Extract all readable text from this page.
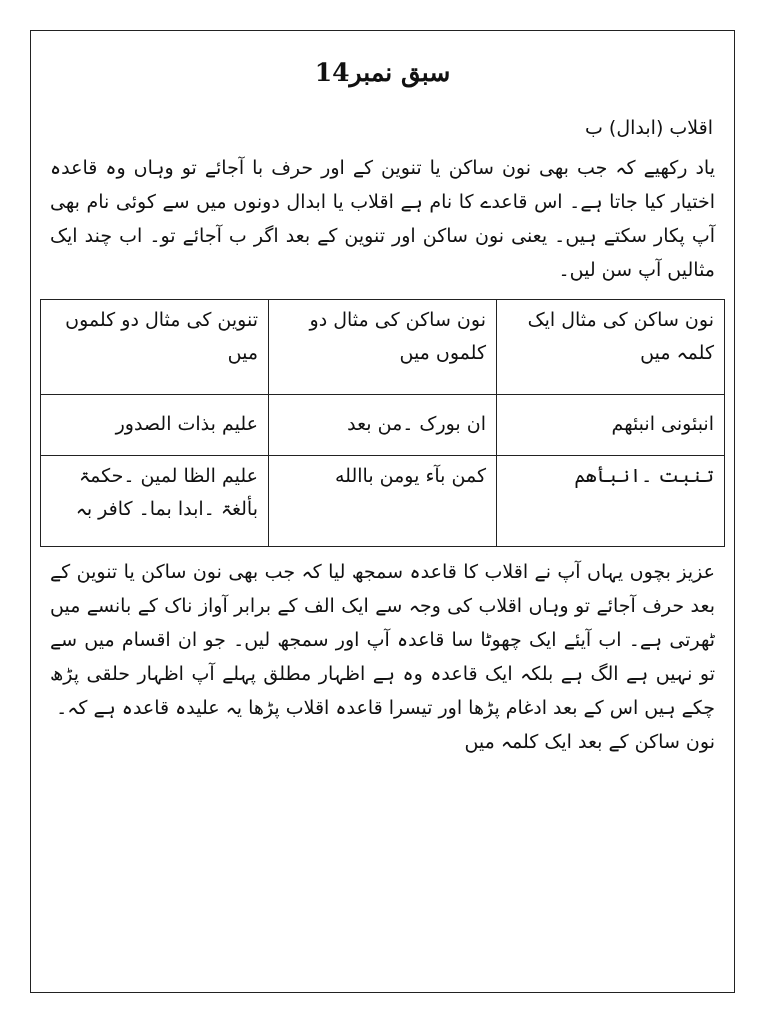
سبق نمبر14
اقلاب (ابدال) ب

یاد رکھیے کہ جب بھی نون ساکن یا تنوین کے اور حرف با آجائے تو وہاں وہ قاعدہ اختیار کیا جاتا ہے۔ اس قاعدے کا نام ہے اقلاب یا ابدال دونوں میں سے کوئی نام بھی آپ پکار سکتے ہیں۔ یعنی نون ساکن اور تنوین کے بعد اگر ب آجائے تو۔ اب چند ایک مثالیں آپ سن لیں۔

نون ساکن کی مثال ایک کلمہ میں	نون ساکن کی مثال دو کلموں میں	تنوین کی مثال دو کلموں میں
انبئونی انبئھم	ان بورک ۔من بعد	علیم بذات الصدور
تنبت ۔انبأھم	کمن بآء یومن باالله	علیم الظا لمین ۔حکمۃ بألغۃ ۔ابدا بما۔ کافر بہ

عزیز بچوں یہاں آپ نے اقلاب کا قاعدہ سمجھ لیا کہ جب بھی نون ساکن یا تنوین کے بعد حرف آجائے تو وہاں اقلاب کی وجہ سے ایک الف کے برابر آواز ناک کے بانسے میں ٹھرتی ہے۔ اب آیئے ایک چھوٹا سا قاعدہ آپ اور سمجھ لیں۔ جو ان اقسام میں سے تو نہیں ہے الگ ہے بلکہ ایک قاعدہ وہ ہے اظہار مطلق پہلے آپ اظہار حلقی پڑھ چکے ہیں اس کے بعد ادغام پڑھا اور تیسرا قاعدہ اقلاب پڑھا یہ علیدہ قاعدہ ہے کہ۔

نون ساکن کے بعد ایک کلمہ میں
